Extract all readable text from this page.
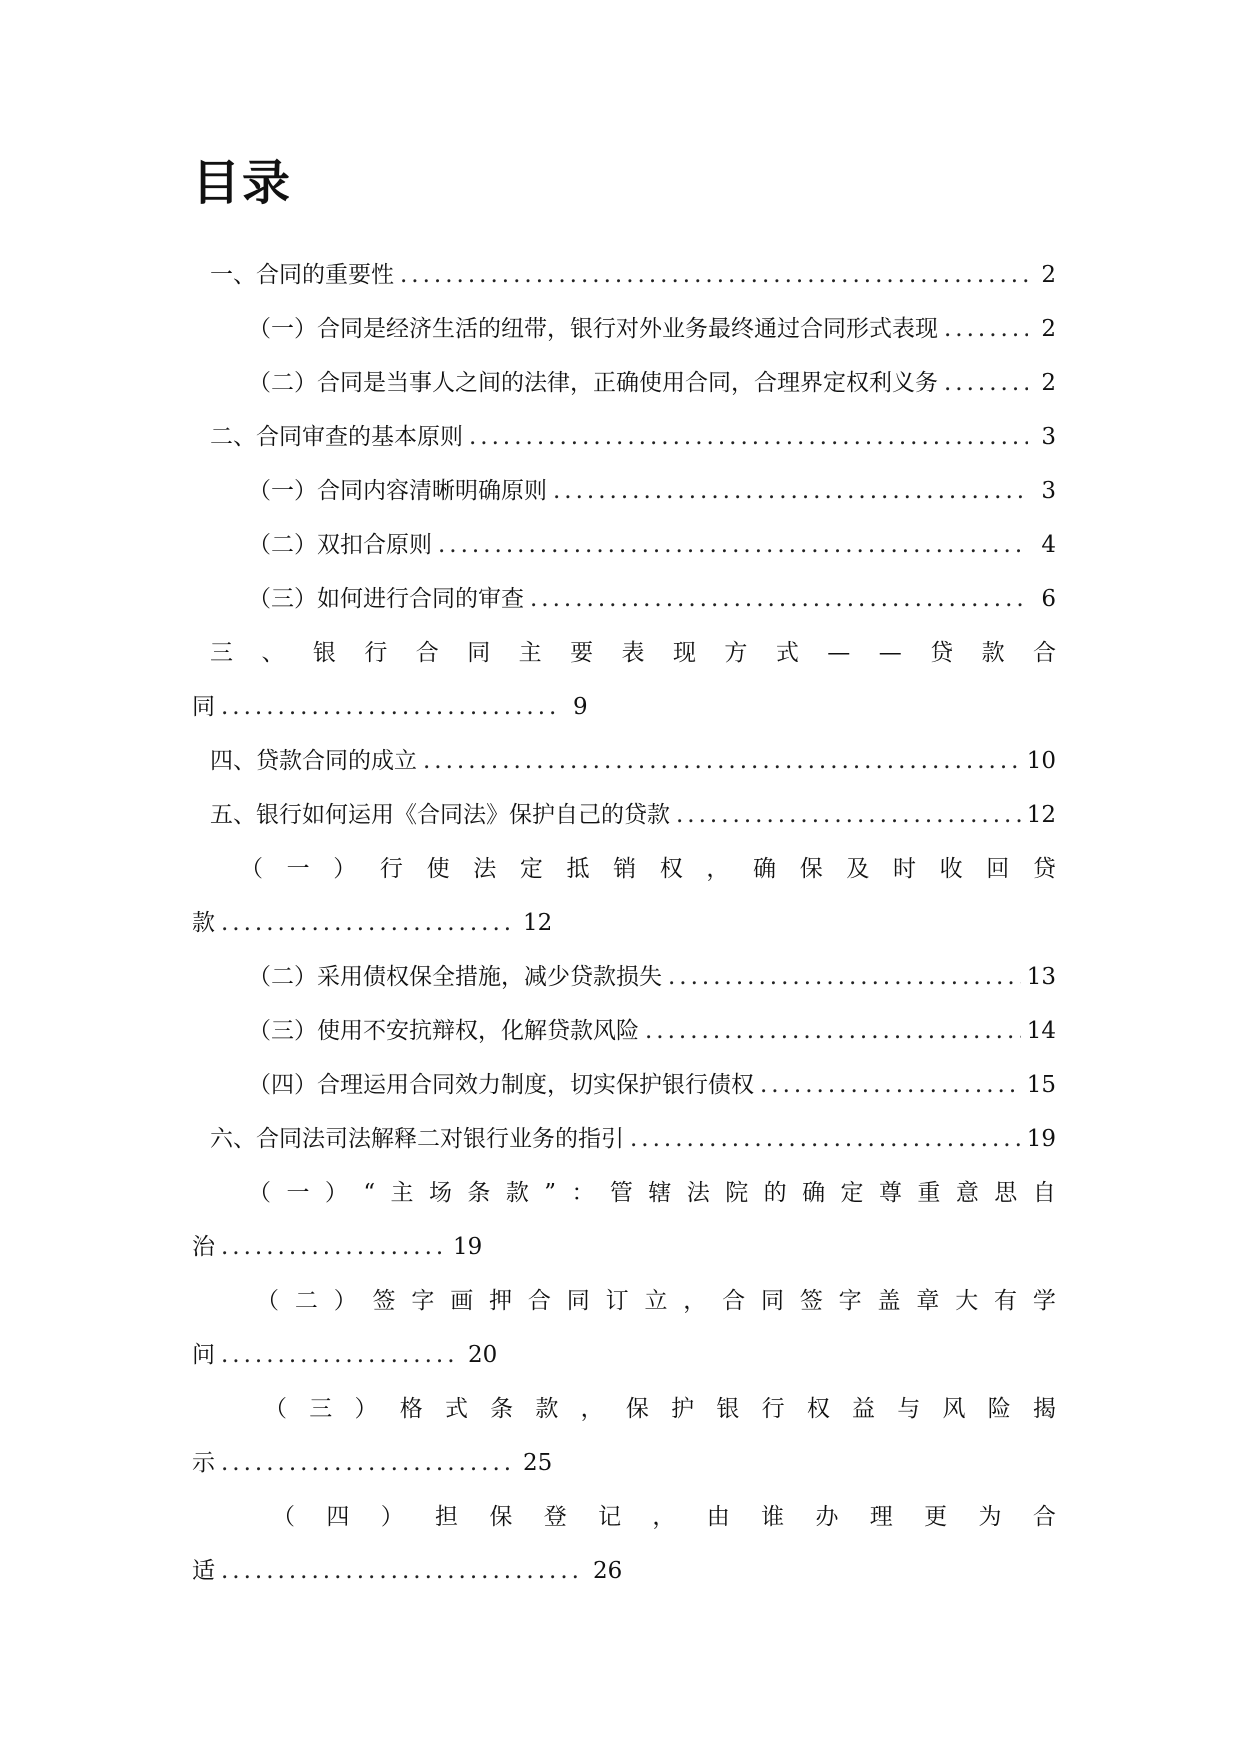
目录
一、合同的重要性 .....	2
（一）合同是经济生活的纽带，银行对外业务最终通过合同形式表现 .....	2
（二）合同是当事人之间的法律，正确使用合同，合理界定权利义务 .....	2
二、合同审查的基本原则 .....	3
（一）合同内容清晰明确原则 .....	3
（二）双扣合原则 .....	4
（三）如何进行合同的审查 .....	6
三 、 银 行 合 同 主 要 表 现 方 式 — — 贷 款 合
同 .....	9
四、贷款合同的成立 .....	10
五、银行如何运用《合同法》保护自己的贷款 .....	12
（ 一 ） 行 使 法 定 抵 销 权 ， 确 保 及 时 收 回 贷
款 .....	12
（二）采用债权保全措施，减少贷款损失 .....	13
（三）使用不安抗辩权，化解贷款风险 .....	14
（四）合理运用合同效力制度，切实保护银行债权 .....	15
六、合同法司法解释二对银行业务的指引 .....	19
（ 一 ） “ 主 场 条 款 ” ： 管 辖 法 院 的 确 定 尊 重 意 思 自
治 .....	19
（ 二 ） 签 字 画 押 合 同 订 立 ， 合 同 签 字 盖 章 大 有 学
问 .....	20
（ 三 ） 格 式 条 款 ， 保 护 银 行 权 益 与 风 险 揭
示 .....	25
（ 四 ） 担 保 登 记 ， 由 谁 办 理 更 为 合
适 .....	26
